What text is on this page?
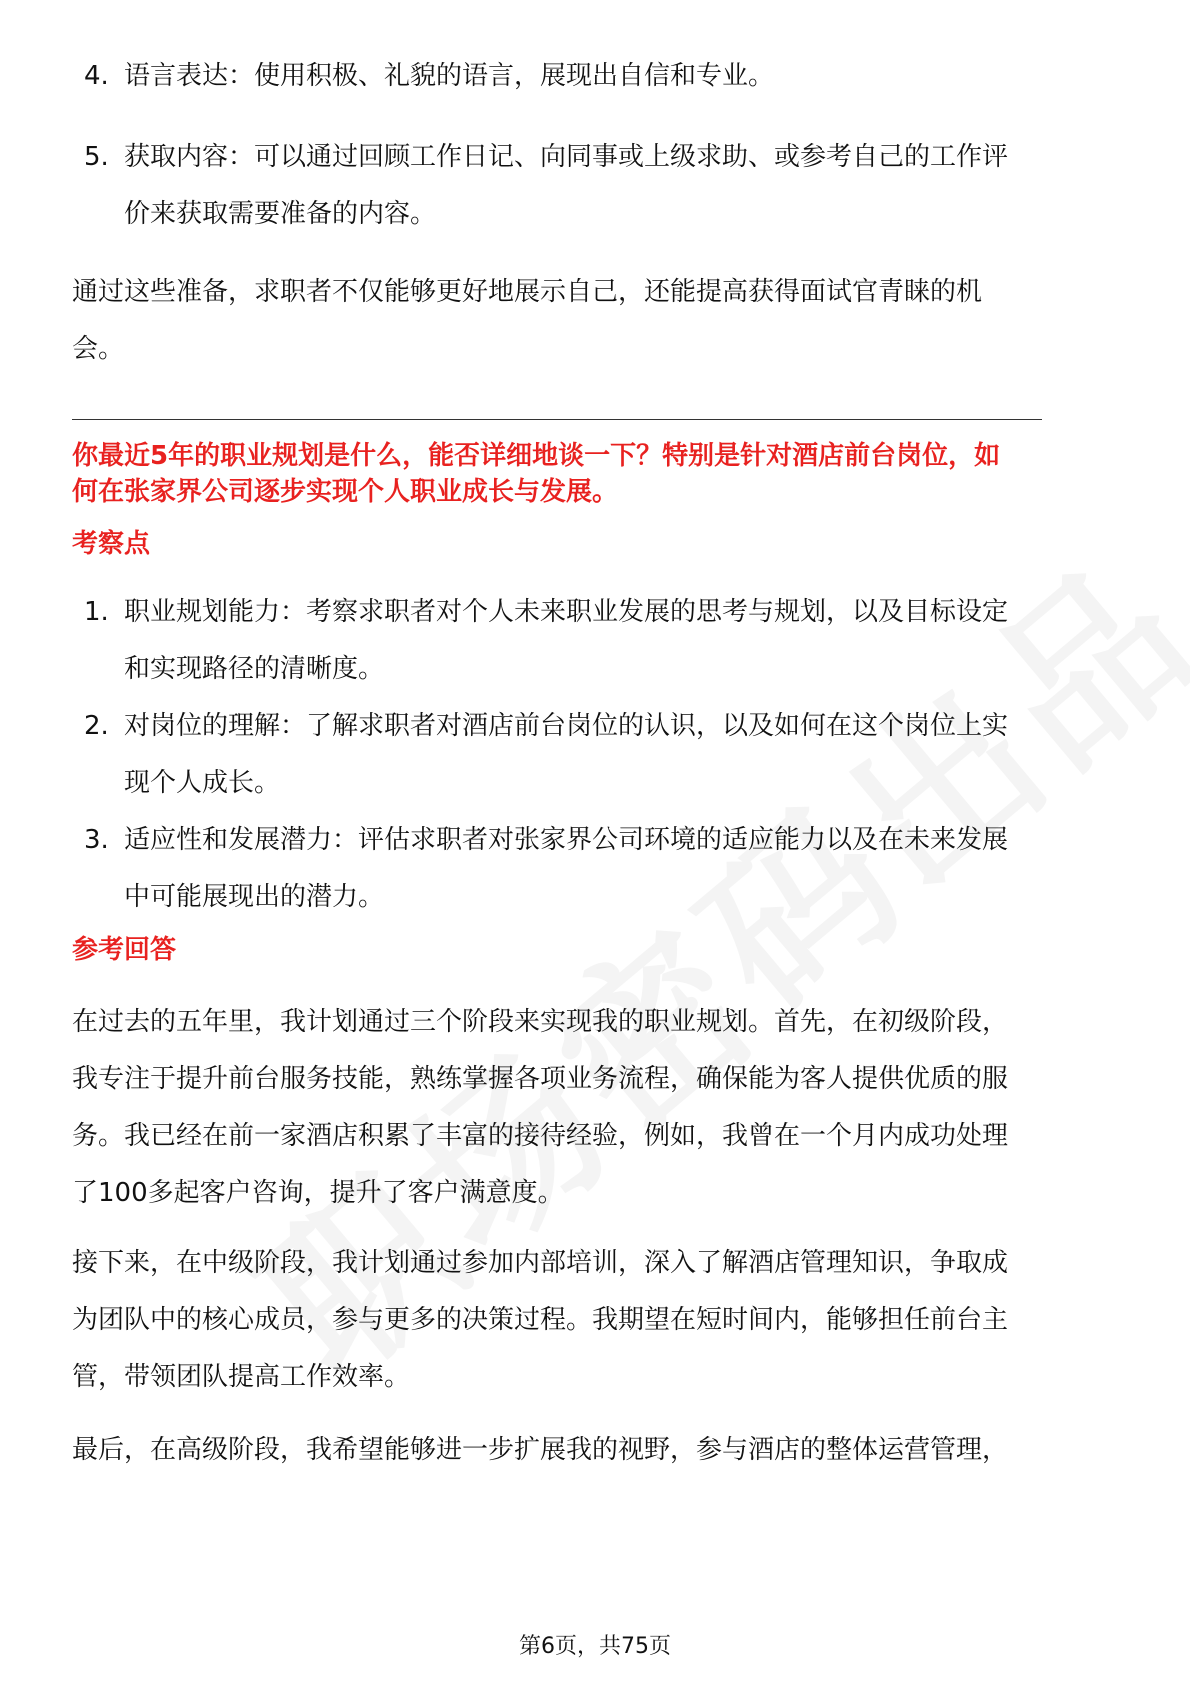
4. 语言表达：使用积极、礼貌的语言，展现出自信和专业。
5. 获取内容：可以通过回顾工作日记、向同事或上级求助、或参考自己的工作评
价来获取需要准备的内容。
通过这些准备，求职者不仅能够更好地展示自己，还能提高获得面试官青睐的机
会。
你最近5年的职业规划是什么，能否详细地谈一下？特别是针对酒店前台岗位，如
何在张家界公司逐步实现个人职业成长与发展。
考察点
1. 职业规划能力：考察求职者对个人未来职业发展的思考与规划，以及目标设定
和实现路径的清晰度。
2. 对岗位的理解：了解求职者对酒店前台岗位的认识，以及如何在这个岗位上实
现个人成长。
3. 适应性和发展潜力：评估求职者对张家界公司环境的适应能力以及在未来发展
中可能展现出的潜力。
参考回答
在过去的五年里，我计划通过三个阶段来实现我的职业规划。首先，在初级阶段，
我专注于提升前台服务技能，熟练掌握各项业务流程，确保能为客人提供优质的服
务。我已经在前一家酒店积累了丰富的接待经验，例如，我曾在一个月内成功处理
了100多起客户咨询，提升了客户满意度。
接下来，在中级阶段，我计划通过参加内部培训，深入了解酒店管理知识，争取成
为团队中的核心成员，参与更多的决策过程。我期望在短时间内，能够担任前台主
管，带领团队提高工作效率。
最后，在高级阶段，我希望能够进一步扩展我的视野，参与酒店的整体运营管理，
第6页，共75页
